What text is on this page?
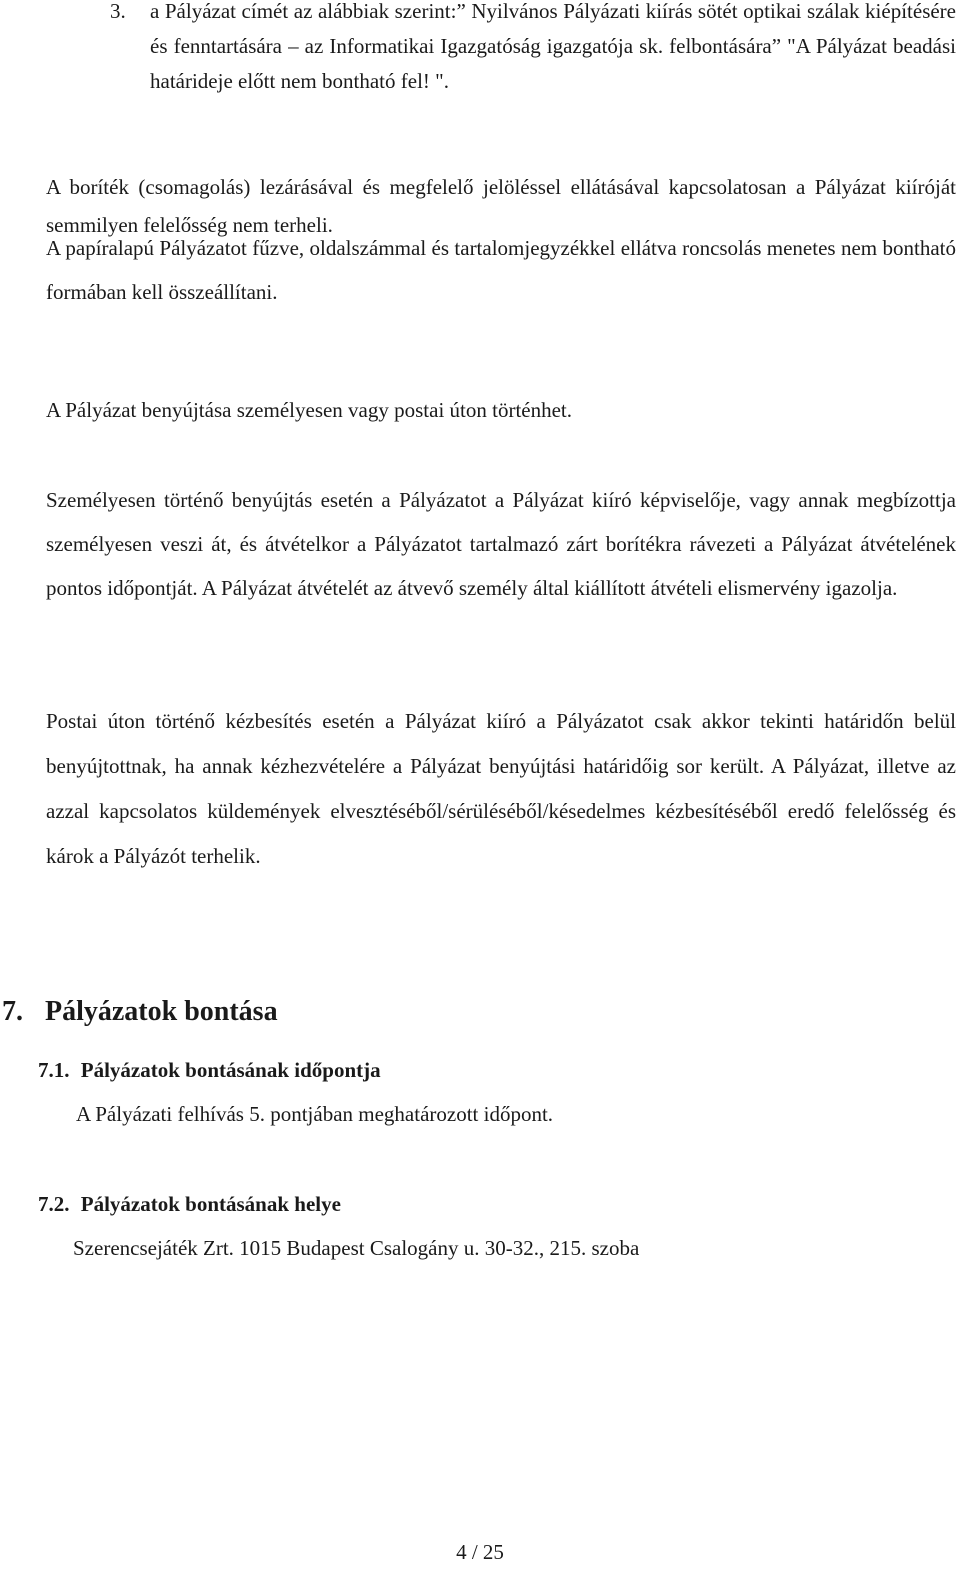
3. a Pályázat címét az alábbiak szerint:” Nyilvános Pályázati kiírás sötét optikai szálak kiépítésére és fenntartására – az Informatikai Igazgatóság igazgatója sk. felbontására” "A Pályázat beadási határideje előtt nem bontható fel! ".

A boríték (csomagolás) lezárásával és megfelelő jelöléssel ellátásával kapcsolatosan a Pályázat kiíróját semmilyen felelősség nem terheli.

A papíralapú Pályázatot fűzve, oldalszámmal és tartalomjegyzékkel ellátva roncsolás menetes nem bontható formában kell összeállítani.

A Pályázat benyújtása személyesen vagy postai úton történhet.

Személyesen történő benyújtás esetén a Pályázatot a Pályázat kiíró képviselője, vagy annak megbízottja személyesen veszi át, és átvételkor a Pályázatot tartalmazó zárt borítékra rávezeti a Pályázat átvételének pontos időpontját. A Pályázat átvételét az átvevő személy által kiállított átvételi elismervény igazolja.

Postai úton történő kézbesítés esetén a Pályázat kiíró a Pályázatot csak akkor tekinti határidőn belül benyújtottnak, ha annak kézhezvételére a Pályázat benyújtási határidőig sor került. A Pályázat, illetve az azzal kapcsolatos küldemények elvesztéséből/sérüléséből/késedelmes kézbesítéséből eredő felelősség és károk a Pályázót terhelik.

7. Pályázatok bontása
7.1. Pályázatok bontásának időpontja

A Pályázati felhívás 5. pontjában meghatározott időpont.

7.2. Pályázatok bontásának helye

Szerencsejáték Zrt. 1015 Budapest Csalogány u. 30-32., 215. szoba

4 / 25
